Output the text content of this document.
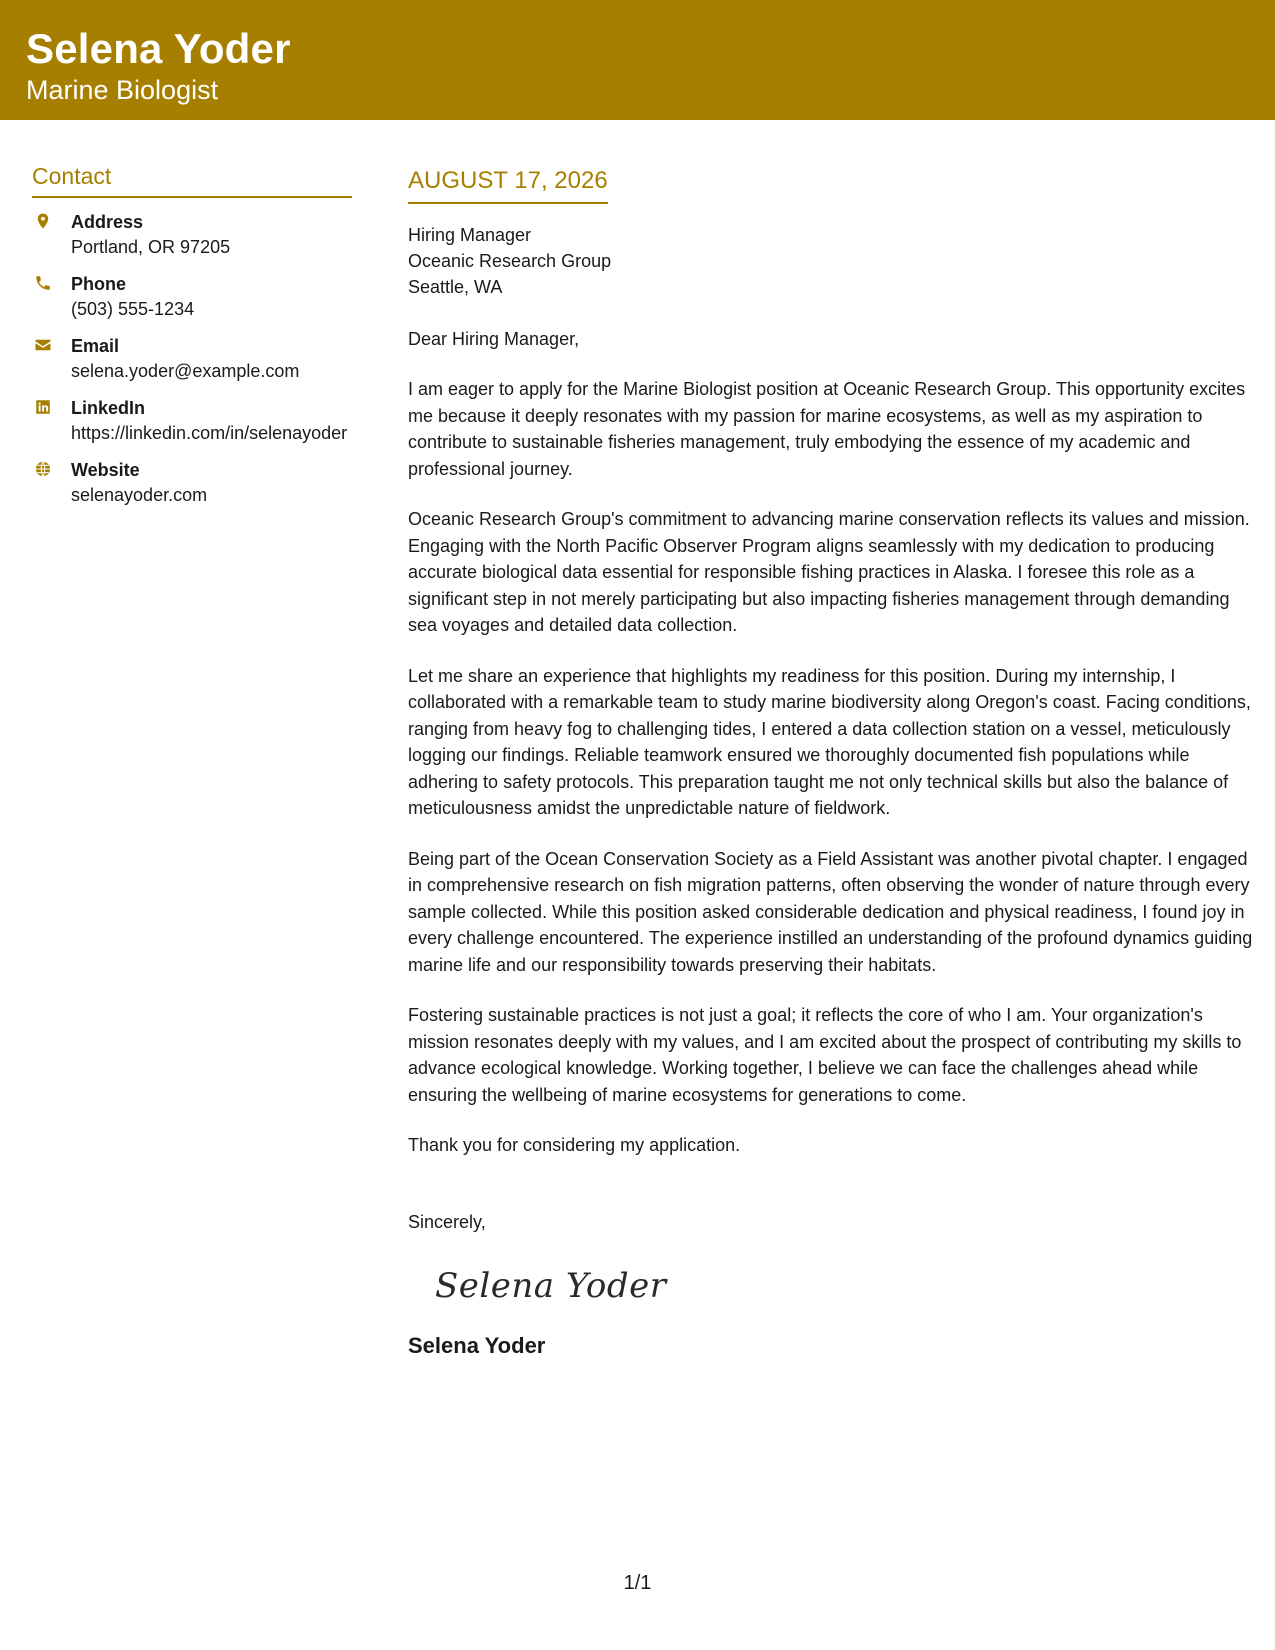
Selena Yoder
Marine Biologist
Contact
Address
Portland, OR 97205
Phone
(503) 555-1234
Email
selena.yoder@example.com
LinkedIn
https://linkedin.com/in/selenayoder
Website
selenayoder.com
AUGUST 17, 2026
Hiring Manager
Oceanic Research Group
Seattle, WA
Dear Hiring Manager,
I am eager to apply for the Marine Biologist position at Oceanic Research Group. This opportunity excites me because it deeply resonates with my passion for marine ecosystems, as well as my aspiration to contribute to sustainable fisheries management, truly embodying the essence of my academic and professional journey.
Oceanic Research Group's commitment to advancing marine conservation reflects its values and mission. Engaging with the North Pacific Observer Program aligns seamlessly with my dedication to producing accurate biological data essential for responsible fishing practices in Alaska. I foresee this role as a significant step in not merely participating but also impacting fisheries management through demanding sea voyages and detailed data collection.
Let me share an experience that highlights my readiness for this position. During my internship, I collaborated with a remarkable team to study marine biodiversity along Oregon's coast. Facing conditions, ranging from heavy fog to challenging tides, I entered a data collection station on a vessel, meticulously logging our findings. Reliable teamwork ensured we thoroughly documented fish populations while adhering to safety protocols. This preparation taught me not only technical skills but also the balance of meticulousness amidst the unpredictable nature of fieldwork.
Being part of the Ocean Conservation Society as a Field Assistant was another pivotal chapter. I engaged in comprehensive research on fish migration patterns, often observing the wonder of nature through every sample collected. While this position asked considerable dedication and physical readiness, I found joy in every challenge encountered. The experience instilled an understanding of the profound dynamics guiding marine life and our responsibility towards preserving their habitats.
Fostering sustainable practices is not just a goal; it reflects the core of who I am. Your organization's mission resonates deeply with my values, and I am excited about the prospect of contributing my skills to advance ecological knowledge. Working together, I believe we can face the challenges ahead while ensuring the wellbeing of marine ecosystems for generations to come.
Thank you for considering my application.
Sincerely,
Selena Yoder
Selena Yoder
1/1
